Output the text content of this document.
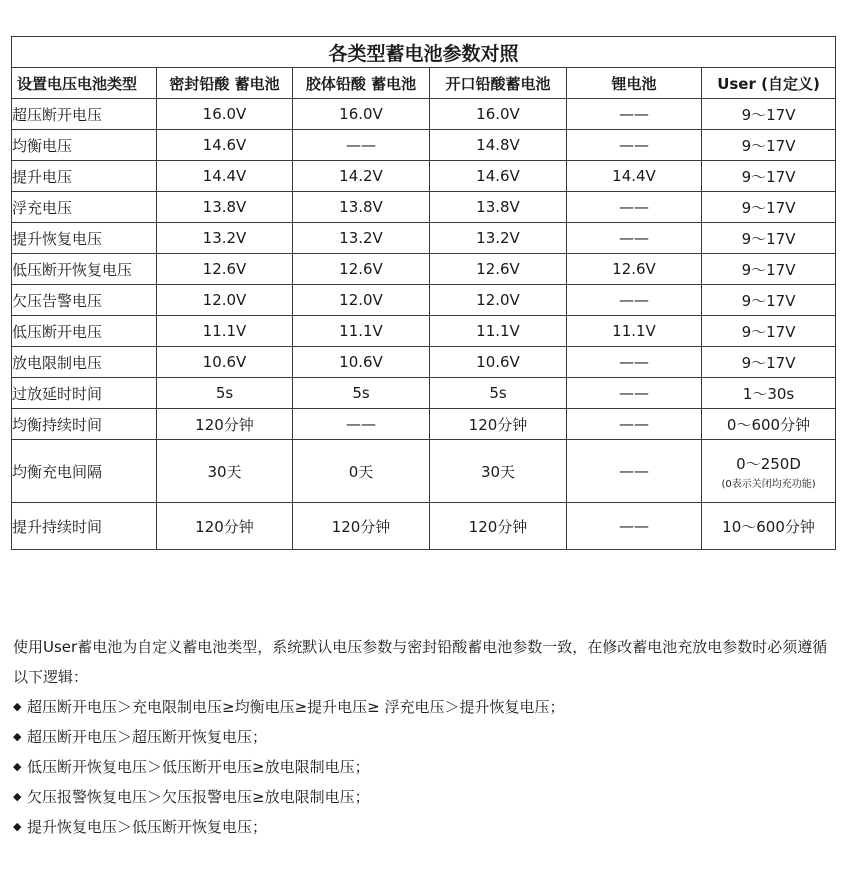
各类型蓄电池参数对照					
设置电压电池类型	密封铅酸 蓄电池	胶体铅酸 蓄电池	开口铅酸蓄电池	锂电池	User (自定义)
超压断开电压	16.0V	16.0V	16.0V	——	9～17V
均衡电压	14.6V	——	14.8V	——	9～17V
提升电压	14.4V	14.2V	14.6V	14.4V	9～17V
浮充电压	13.8V	13.8V	13.8V	——	9～17V
提升恢复电压	13.2V	13.2V	13.2V	——	9～17V
低压断开恢复电压	12.6V	12.6V	12.6V	12.6V	9～17V
欠压告警电压	12.0V	12.0V	12.0V	——	9～17V
低压断开电压	11.1V	11.1V	11.1V	11.1V	9～17V
放电限制电压	10.6V	10.6V	10.6V	——	9～17V
过放延时时间	5s	5s	5s	——	1～30s
均衡持续时间	120分钟	——	120分钟	——	0～600分钟
均衡充电间隔	30天	0天	30天	——	0～250D
(0表示关闭均充功能)

提升持续时间	120分钟	120分钟	120分钟	——	10～600分钟

使用User蓄电池为自定义蓄电池类型，系统默认电压参数与密封铅酸蓄电池参数一致，在修改蓄电池充放电参数时必须遵循以下逻辑：

◆ 超压断开电压＞充电限制电压≥均衡电压≥提升电压≥ 浮充电压＞提升恢复电压；
◆ 超压断开电压＞超压断开恢复电压；
◆ 低压断开恢复电压＞低压断开电压≥放电限制电压；
◆ 欠压报警恢复电压＞欠压报警电压≥放电限制电压；
◆ 提升恢复电压＞低压断开恢复电压；
